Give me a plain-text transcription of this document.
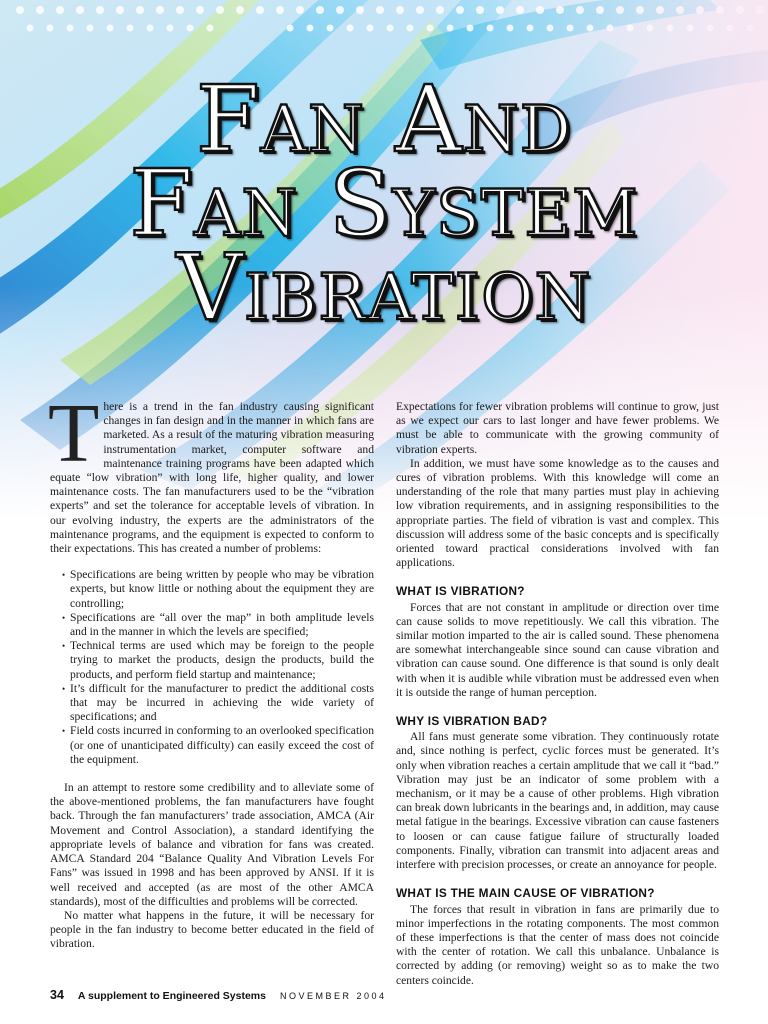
Fan And
Fan System
Vibration

There is a trend in the fan industry causing significant changes in fan design and in the manner in which fans are marketed. As a result of the maturing vibration measuring instrumentation market, computer software and maintenance training programs have been adapted which equate “low vibration” with long life, higher quality, and lower maintenance costs. The fan manufacturers used to be the “vibration experts” and set the tolerance for acceptable levels of vibration. In our evolving industry, the experts are the administrators of the maintenance programs, and the equipment is expected to conform to their expectations. This has created a number of problems:

• Specifications are being written by people who may be vibration experts, but know little or nothing about the equipment they are controlling;
• Specifications are “all over the map” in both amplitude levels and in the manner in which the levels are specified;
• Technical terms are used which may be foreign to the people trying to market the products, design the products, build the products, and perform field startup and maintenance;
• It’s difficult for the manufacturer to predict the additional costs that may be incurred in achieving the wide variety of specifications; and
• Field costs incurred in conforming to an overlooked specification (or one of unanticipated difficulty) can easily exceed the cost of the equipment.

In an attempt to restore some credibility and to alleviate some of the above-mentioned problems, the fan manufacturers have fought back. Through the fan manufacturers’ trade association, AMCA (Air Movement and Control Association), a standard identifying the appropriate levels of balance and vibration for fans was created. AMCA Standard 204 “Balance Quality And Vibration Levels For Fans” was issued in 1998 and has been approved by ANSI. If it is well received and accepted (as are most of the other AMCA standards), most of the difficulties and problems will be corrected.

No matter what happens in the future, it will be necessary for people in the fan industry to become better educated in the field of vibration.

Expectations for fewer vibration problems will continue to grow, just as we expect our cars to last longer and have fewer problems. We must be able to communicate with the growing community of vibration experts.

In addition, we must have some knowledge as to the causes and cures of vibration problems. With this knowledge will come an understanding of the role that many parties must play in achieving low vibration requirements, and in assigning responsibilities to the appropriate parties. The field of vibration is vast and complex. This discussion will address some of the basic concepts and is specifically oriented toward practical considerations involved with fan applications.

WHAT IS VIBRATION?

Forces that are not constant in amplitude or direction over time can cause solids to move repetitiously. We call this vibration. The similar motion imparted to the air is called sound. These phenomena are somewhat interchangeable since sound can cause vibration and vibration can cause sound. One difference is that sound is only dealt with when it is audible while vibration must be addressed even when it is outside the range of human perception.

WHY IS VIBRATION BAD?

All fans must generate some vibration. They continuously rotate and, since nothing is perfect, cyclic forces must be generated. It’s only when vibration reaches a certain amplitude that we call it “bad.” Vibration may just be an indicator of some problem with a mechanism, or it may be a cause of other problems. High vibration can break down lubricants in the bearings and, in addition, may cause metal fatigue in the bearings. Excessive vibration can cause fasteners to loosen or can cause fatigue failure of structurally loaded components. Finally, vibration can transmit into adjacent areas and interfere with precision processes, or create an annoyance for people.

WHAT IS THE MAIN CAUSE OF VIBRATION?

The forces that result in vibration in fans are primarily due to minor imperfections in the rotating components. The most common of these imperfections is that the center of mass does not coincide with the center of rotation. We call this unbalance. Unbalance is corrected by adding (or removing) weight so as to make the two centers coincide.

34 A supplement to Engineered Systems NOVEMBER 2004
